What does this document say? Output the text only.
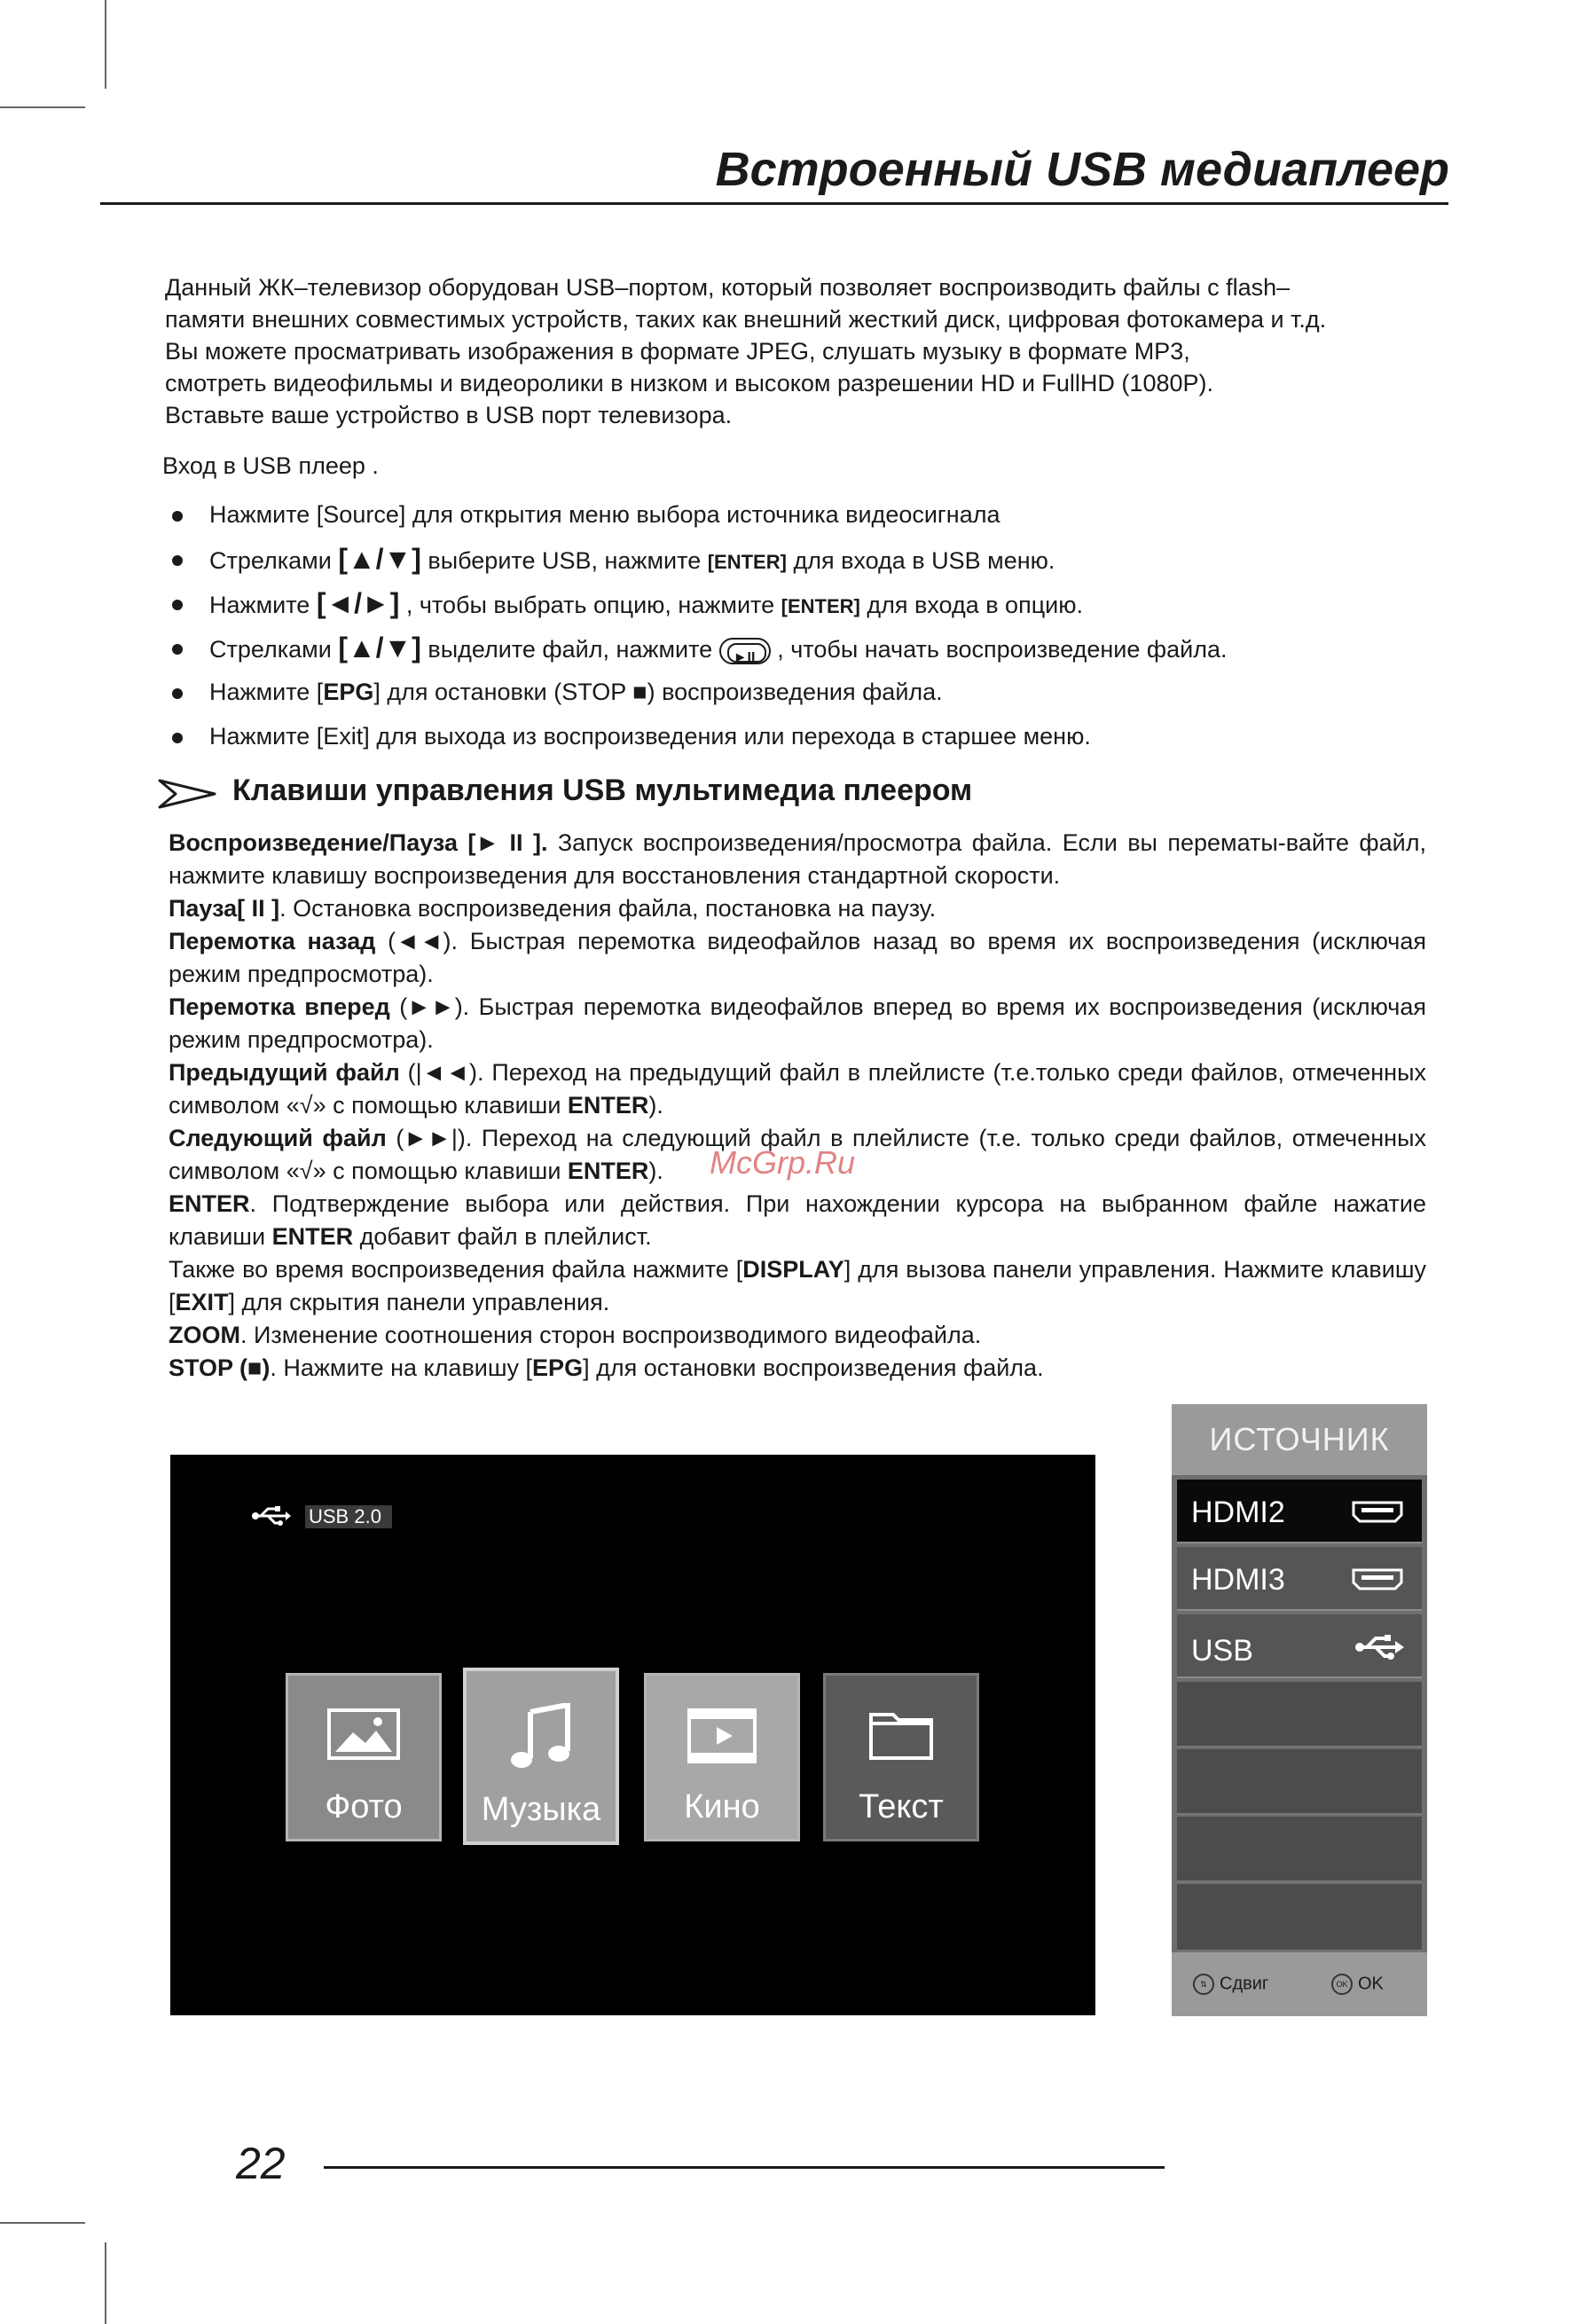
Встроенный USB медиаплеер
Данный ЖК–телевизор оборудован USB–портом, который позволяет воспроизводить файлы с flash–
памяти внешних совместимых устройств, таких как внешний жесткий диск, цифровая фотокамера и т.д.
Вы можете просматривать изображения в формате JPEG, слушать музыку в формате MP3,
смотреть видеофильмы и видеоролики в низком и высоком разрешении HD и FullHD (1080P).
Вставьте ваше устройство в USB порт телевизора.
Вход в USB плеер .
Нажмите [Source] для открытия меню выбора источника видеосигнала
Стрелками [▲/▼] выберите USB, нажмите [ENTER] для входа в USB меню.
Нажмите [◄/►] , чтобы выбрать опцию, нажмите [ENTER] для входа в опцию.
Стрелками [▲/▼] выделите файл, нажмите ►II , чтобы начать воспроизведение файла.
Нажмите [EPG] для остановки (STOP ■) воспроизведения файла.
Нажмите [Exit] для выхода из воспроизведения или перехода в старшее меню.
Клавиши управления USB мультимедиа плеером

Воспроизведение/Пауза [► II ]. Запуск воспроизведения/просмотра файла. Если вы перематы-вайте файл, нажмите клавишу воспроизведения для восстановления стандартной скорости.

Пауза[ II ]. Остановка воспроизведения файла, постановка на паузу.

Перемотка назад (◄◄). Быстрая перемотка видеофайлов назад во время их воспроизведения (исключая режим предпросмотра).

Перемотка вперед (►►). Быстрая перемотка видеофайлов вперед во время их воспроизведения (исключая режим предпросмотра).

Предыдущий файл (|◄◄). Переход на предыдущий файл в плейлисте (т.е.только среди файлов, отмеченных символом «√» с помощью клавиши ENTER).

Следующий файл (►►|). Переход на следующий файл в плейлисте (т.е. только среди файлов, отмеченных символом «√» с помощью клавиши ENTER).

ENTER. Подтверждение выбора или действия. При нахождении курсора на выбранном файле нажатие клавиши ENTER добавит файл в плейлист.

Также во время воспроизведения файла нажмите [DISPLAY] для вызова панели управления. Нажмите клавишу [EXIT] для скрытия панели управления.

ZOOM. Изменение соотношения сторон воспроизводимого видеофайла.

STOP (■). Нажмите на клавишу [EPG] для остановки воспроизведения файла.

McGrp.Ru
USB 2.0
Фото	Музыка	Кино	Текст
ИСТОЧНИК
HDMI2
HDMI3
USB
⇅ Сдвиг	OK OK
22
